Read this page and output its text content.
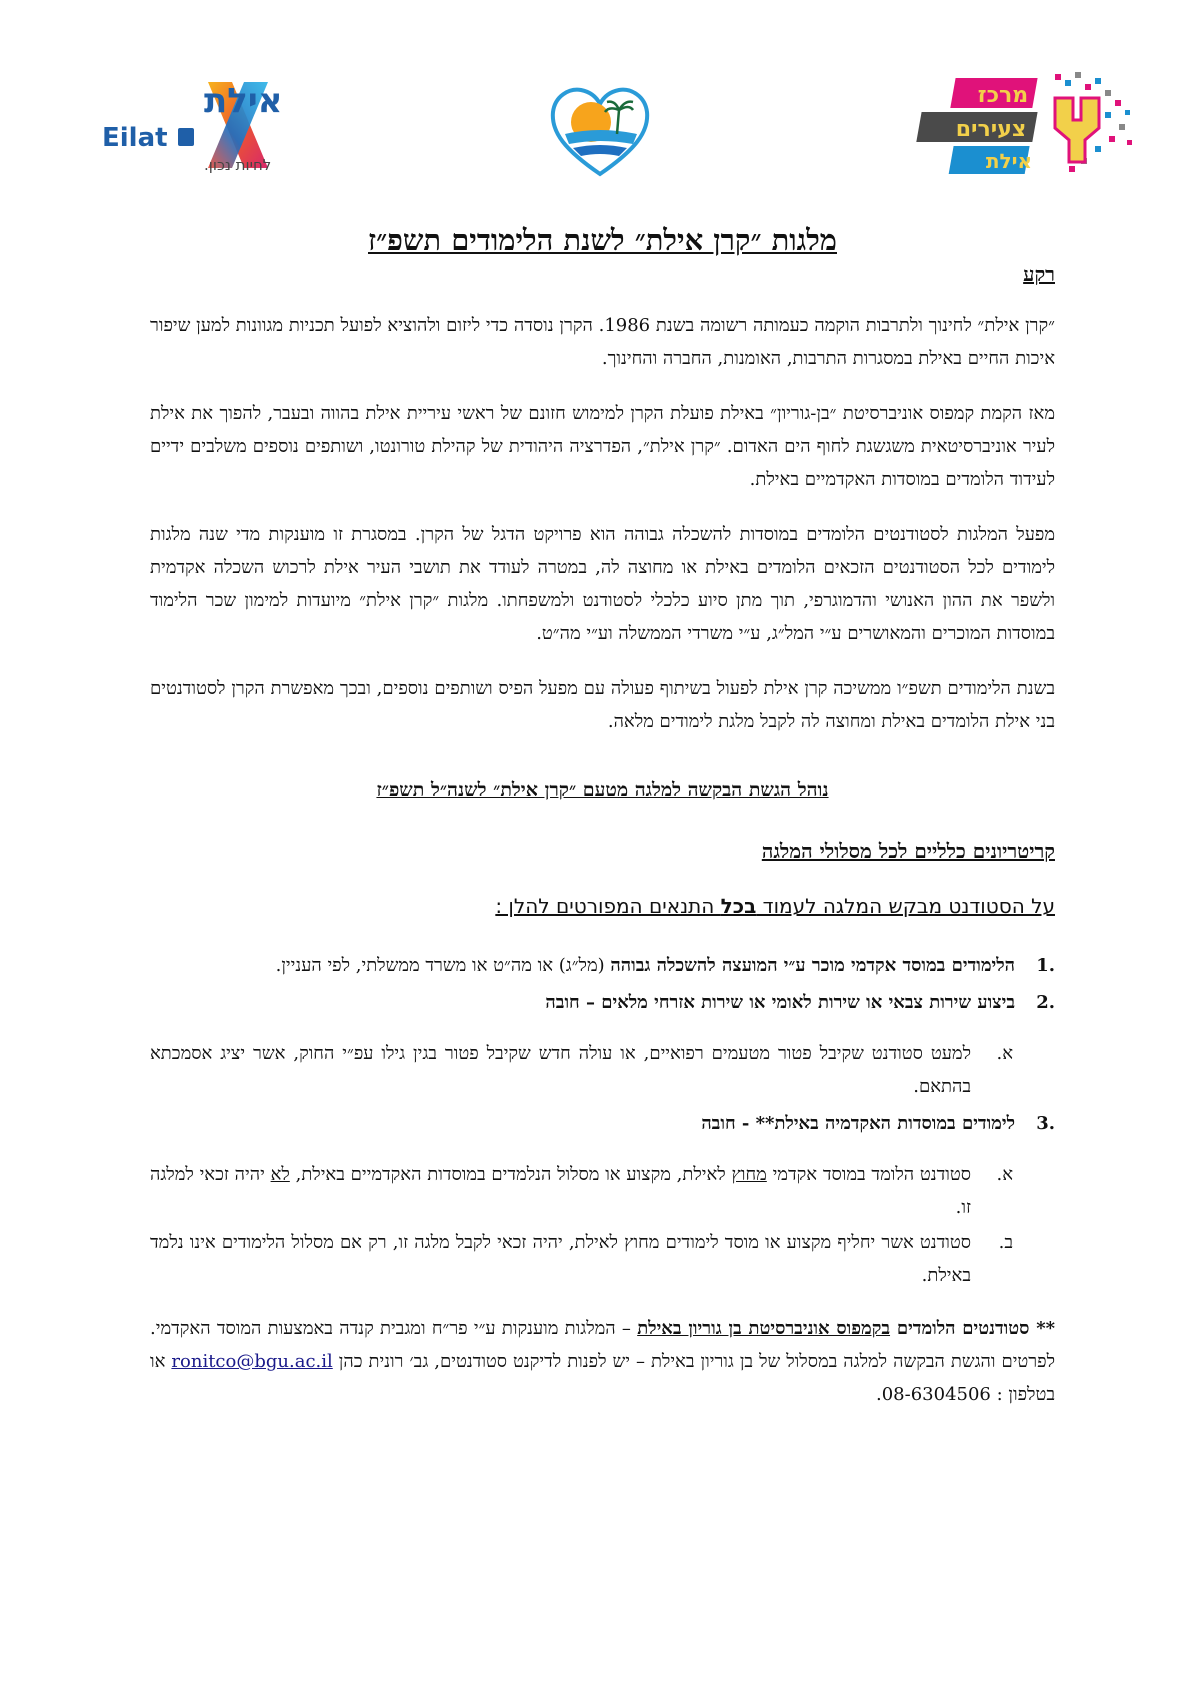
אילת
Eilat
לחיות נכון.
מרכז
צעירים
אילת
מלגות ״קרן אילת״ לשנת הלימודים תשפ״ז

רקע

״קרן אילת״ לחינוך ולתרבות הוקמה כעמותה רשומה בשנת 1986. הקרן נוסדה כדי ליזום ולהוציא לפועל תכניות מגוונות למען שיפור איכות החיים באילת במסגרות התרבות, האומנות, החברה והחינוך.

מאז הקמת קמפוס אוניברסיטת ״בן-גוריון״ באילת פועלת הקרן למימוש חזונם של ראשי עיריית אילת בהווה ובעבר, להפוך את אילת לעיר אוניברסיטאית משגשגת לחוף הים האדום. ״קרן אילת״, הפדרציה היהודית של קהילת טורונטו, ושותפים נוספים משלבים ידיים לעידוד הלומדים במוסדות האקדמיים באילת.

מפעל המלגות לסטודנטים הלומדים במוסדות להשכלה גבוהה הוא פרויקט הדגל של הקרן. במסגרת זו מוענקות מדי שנה מלגות לימודים לכל הסטודנטים הזכאים הלומדים באילת או מחוצה לה, במטרה לעודד את תושבי העיר אילת לרכוש השכלה אקדמית ולשפר את ההון האנושי והדמוגרפי, תוך מתן סיוע כלכלי לסטודנט ולמשפחתו. מלגות ״קרן אילת״ מיועדות למימון שכר הלימוד במוסדות המוכרים והמאושרים ע״י המל״ג, ע״י משרדי הממשלה וע״י מה״ט.

בשנת הלימודים תשפ״ו ממשיכה קרן אילת לפעול בשיתוף פעולה עם מפעל הפיס ושותפים נוספים, ובכך מאפשרת הקרן לסטודנטים בני אילת הלומדים באילת ומחוצה לה לקבל מלגת לימודים מלאה.

נוהל הגשת הבקשה למלגה מטעם ״קרן אילת״ לשנה״ל תשפ״ז

קריטריונים כלליים לכל מסלולי המלגה

על הסטודנט מבקש המלגה לעמוד בכל התנאים המפורטים להלן :

.1
הלימודים במוסד אקדמי מוכר ע״י המועצה להשכלה גבוהה (מל״ג) או מה״ט או משרד ממשלתי, לפי העניין.
.2
ביצוע שירות צבאי או שירות לאומי או שירות אזרחי מלאים – חובה
א.
למעט סטודנט שקיבל פטור מטעמים רפואיים, או עולה חדש שקיבל פטור בגין גילו עפ״י החוק, אשר יציג אסמכתא בהתאם.
.3
לימודים במוסדות האקדמיה באילת** - חובה
א.
סטודנט הלומד במוסד אקדמי מחוץ לאילת, מקצוע או מסלול הנלמדים במוסדות האקדמיים באילת, לא יהיה זכאי למלגה זו.
ב.
סטודנט אשר יחליף מקצוע או מוסד לימודים מחוץ לאילת, יהיה זכאי לקבל מלגה זו, רק אם מסלול הלימודים אינו נלמד באילת.

** סטודנטים הלומדים בקמפוס אוניברסיטת בן גוריון באילת – המלגות מוענקות ע״י פר״ח ומגבית קנדה באמצעות המוסד האקדמי. לפרטים והגשת הבקשה למלגה במסלול של בן גוריון באילת – יש לפנות לדיקנט סטודנטים, גב׳ רונית כהן ronitco@bgu.ac.il או בטלפון : 08-6304506.
